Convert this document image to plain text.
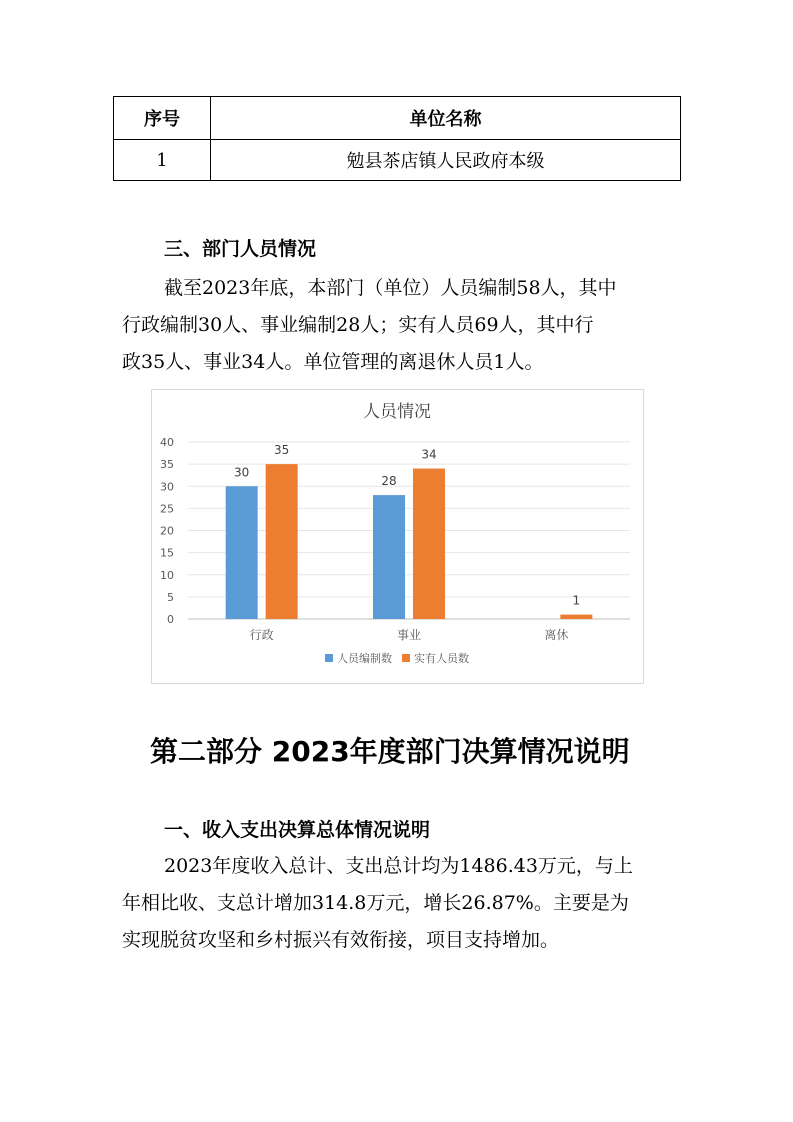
序号	单位名称
1	勉县茶店镇人民政府本级
三、部门人员情况
截至2023年底，本部门（单位）人员编制58人，其中
行政编制30人、事业编制28人；实有人员69人，其中行
政35人、事业34人。单位管理的离退休人员1人。
人员情况
0
5
10
15
20
25
30
35
40
行政
30
35
事业
28
34
离休
1
人员编制数 实有人员数
第二部分 2023年度部门决算情况说明
一、收入支出决算总体情况说明
2023年度收入总计、支出总计均为1486.43万元，与上
年相比收、支总计增加314.8万元，增长26.87%。主要是为
实现脱贫攻坚和乡村振兴有效衔接，项目支持增加。
